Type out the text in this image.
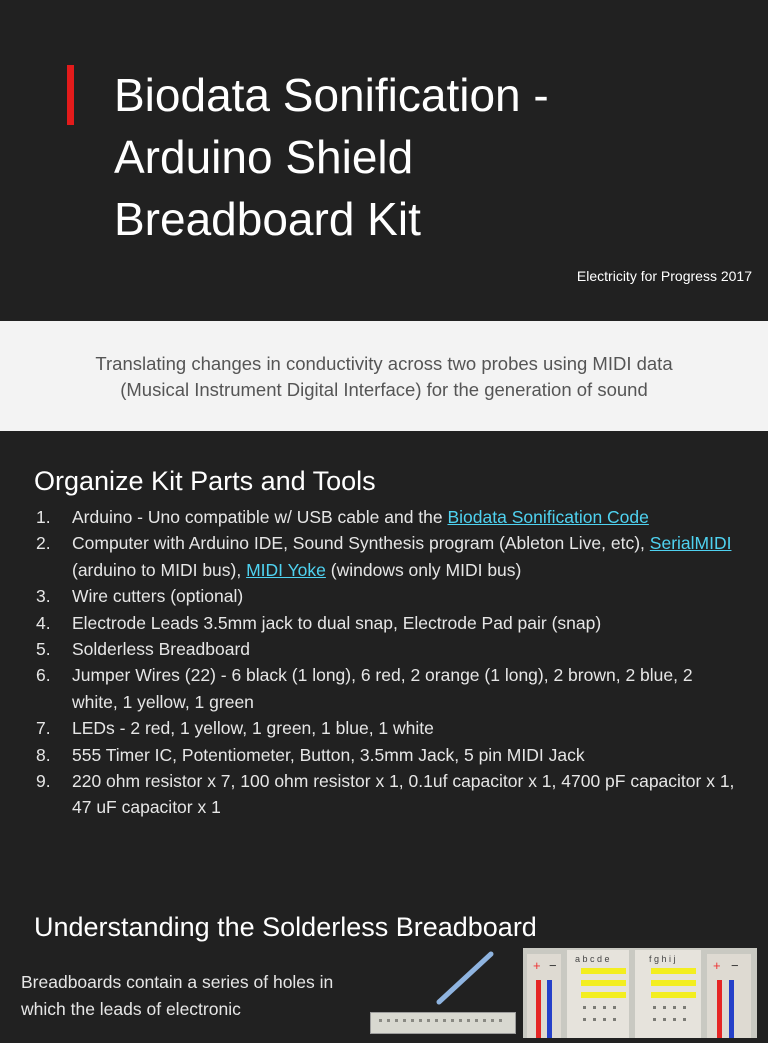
Biodata Sonification -
Arduino Shield
Breadboard Kit
Electricity for Progress 2017

Translating changes in conductivity across two probes using MIDI data
(Musical Instrument Digital Interface) for the generation of sound

Organize Kit Parts and Tools
1. Arduino - Uno compatible w/ USB cable and the Biodata Sonification Code
2. Computer with Arduino IDE, Sound Synthesis program (Ableton Live, etc), SerialMIDI (arduino to MIDI bus), MIDI Yoke (windows only MIDI bus)
3. Wire cutters (optional)
4. Electrode Leads 3.5mm jack to dual snap, Electrode Pad pair (snap)
5. Solderless Breadboard
6. Jumper Wires (22) - 6 black (1 long), 6 red, 2 orange (1 long), 2 brown, 2 blue, 2 white, 1 yellow, 1 green
7. LEDs - 2 red, 1 yellow, 1 green, 1 blue, 1 white
8. 555 Timer IC, Potentiometer, Button, 3.5mm Jack, 5 pin MIDI Jack
9. 220 ohm resistor x 7, 100 ohm resistor x 1, 0.1uf capacitor x 1, 4700 pF capacitor x 1, 47 uF capacitor x 1
Understanding the Solderless Breadboard

Breadboards contain a series of holes in
which the leads of electronic

+ − a b c d e	f g h i j	+ −
